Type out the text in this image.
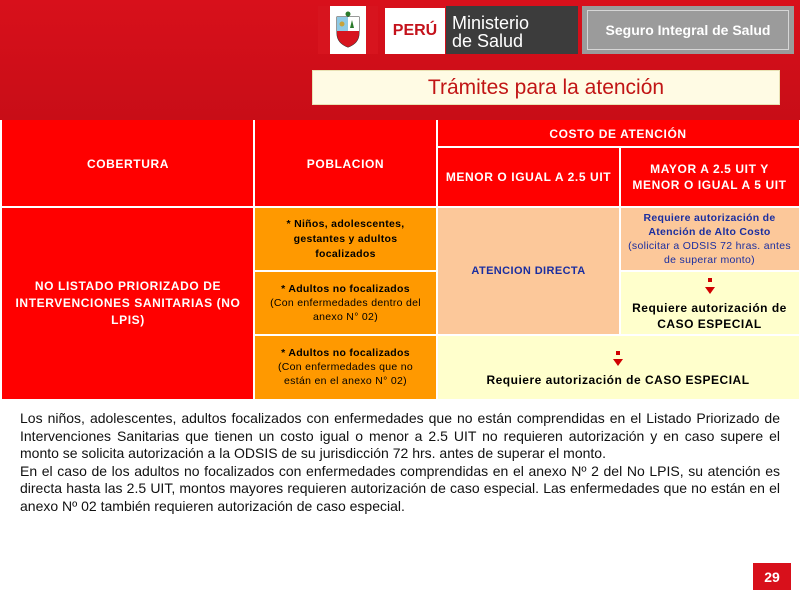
PERÚ Ministerio
de Salud
Seguro Integral de Salud
Trámites para la atención
COBERTURA	POBLACION
COSTO DE ATENCIÓN
MENOR O IGUAL A 2.5 UIT
MAYOR A 2.5 UIT Y MENOR O IGUAL A 5 UIT
NO LISTADO PRIORIZADO DE INTERVENCIONES SANITARIAS (NO LPIS)
* Niños, adolescentes, gestantes y adultos focalizados
* Adultos no focalizados
(Con enfermedades dentro del anexo N° 02)
* Adultos no focalizados
(Con enfermedades que no están en el anexo N° 02)
ATENCION DIRECTA
Requiere autorización de Atención de Alto Costo
(solicitar a ODSIS 72 hras. antes de superar monto)
Requiere autorización de CASO ESPECIAL
Requiere autorización de CASO ESPECIAL

Los niños, adolescentes, adultos focalizados con enfermedades que no están comprendidas en el Listado Priorizado de Intervenciones Sanitarias que tienen un costo igual o menor a 2.5 UIT no requieren autorización y en caso supere el monto se solicita autorización a la ODSIS de su jurisdicción 72 hrs. antes de superar el monto.

En el caso de los adultos no focalizados con enfermedades comprendidas en el anexo Nº 2 del No LPIS, su atención es directa hasta las 2.5 UIT, montos mayores requieren autorización de caso especial. Las enfermedades que no están en el anexo Nº 02 también requieren autorización de caso especial.

29
